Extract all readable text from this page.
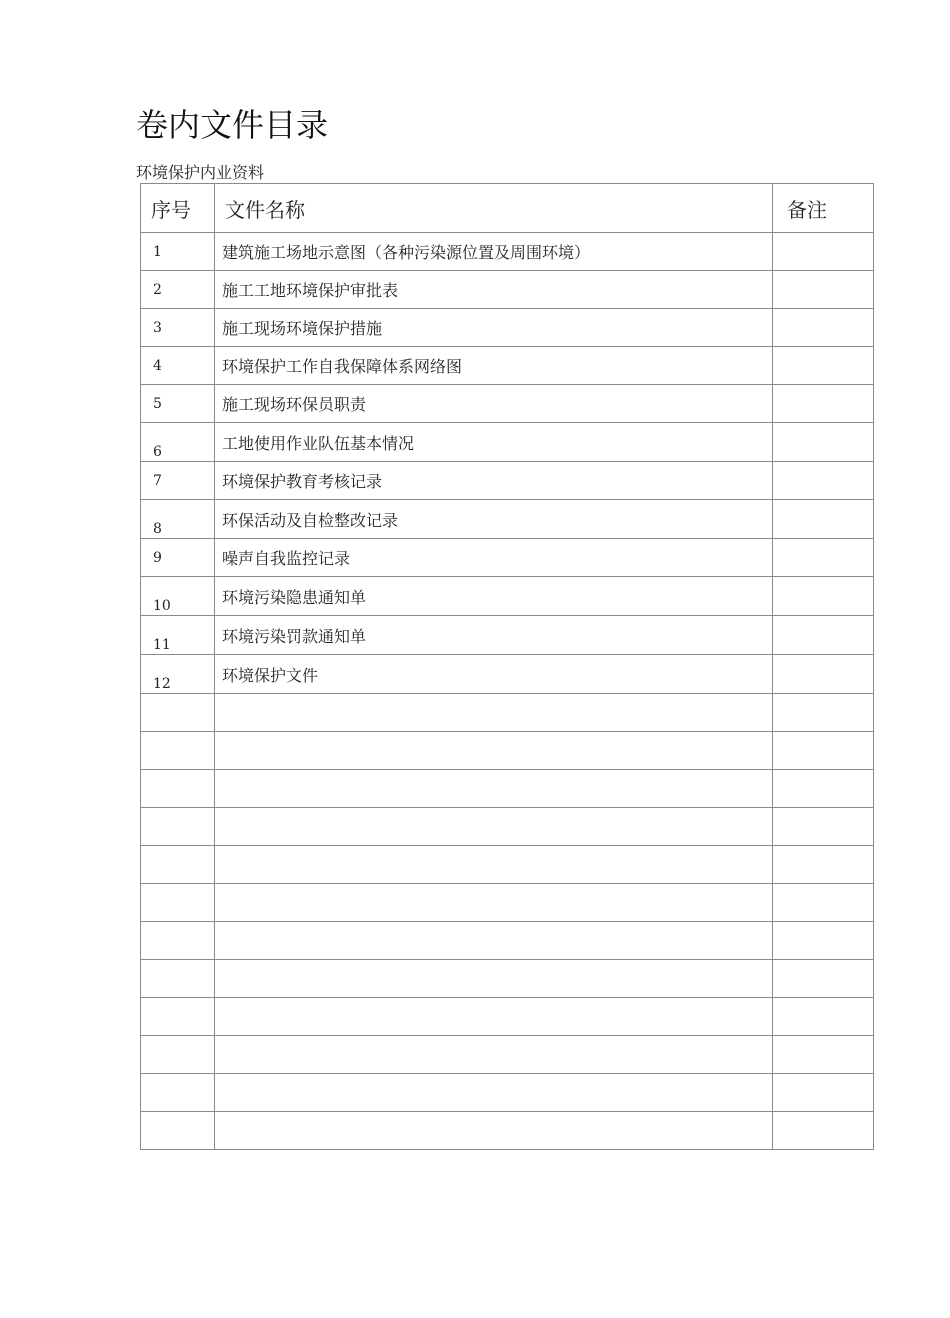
卷内文件目录
环境保护内业资料
序号	文件名称	备注
1	建筑施工场地示意图（各种污染源位置及周围环境）	
2	施工工地环境保护审批表	
3	施工现场环境保护措施	
4	环境保护工作自我保障体系网络图	
5	施工现场环保员职责	
6	工地使用作业队伍基本情况	
7	环境保护教育考核记录	
8	环保活动及自检整改记录	
9	噪声自我监控记录	
10	环境污染隐患通知单	
11	环境污染罚款通知单	
12	环境保护文件	
